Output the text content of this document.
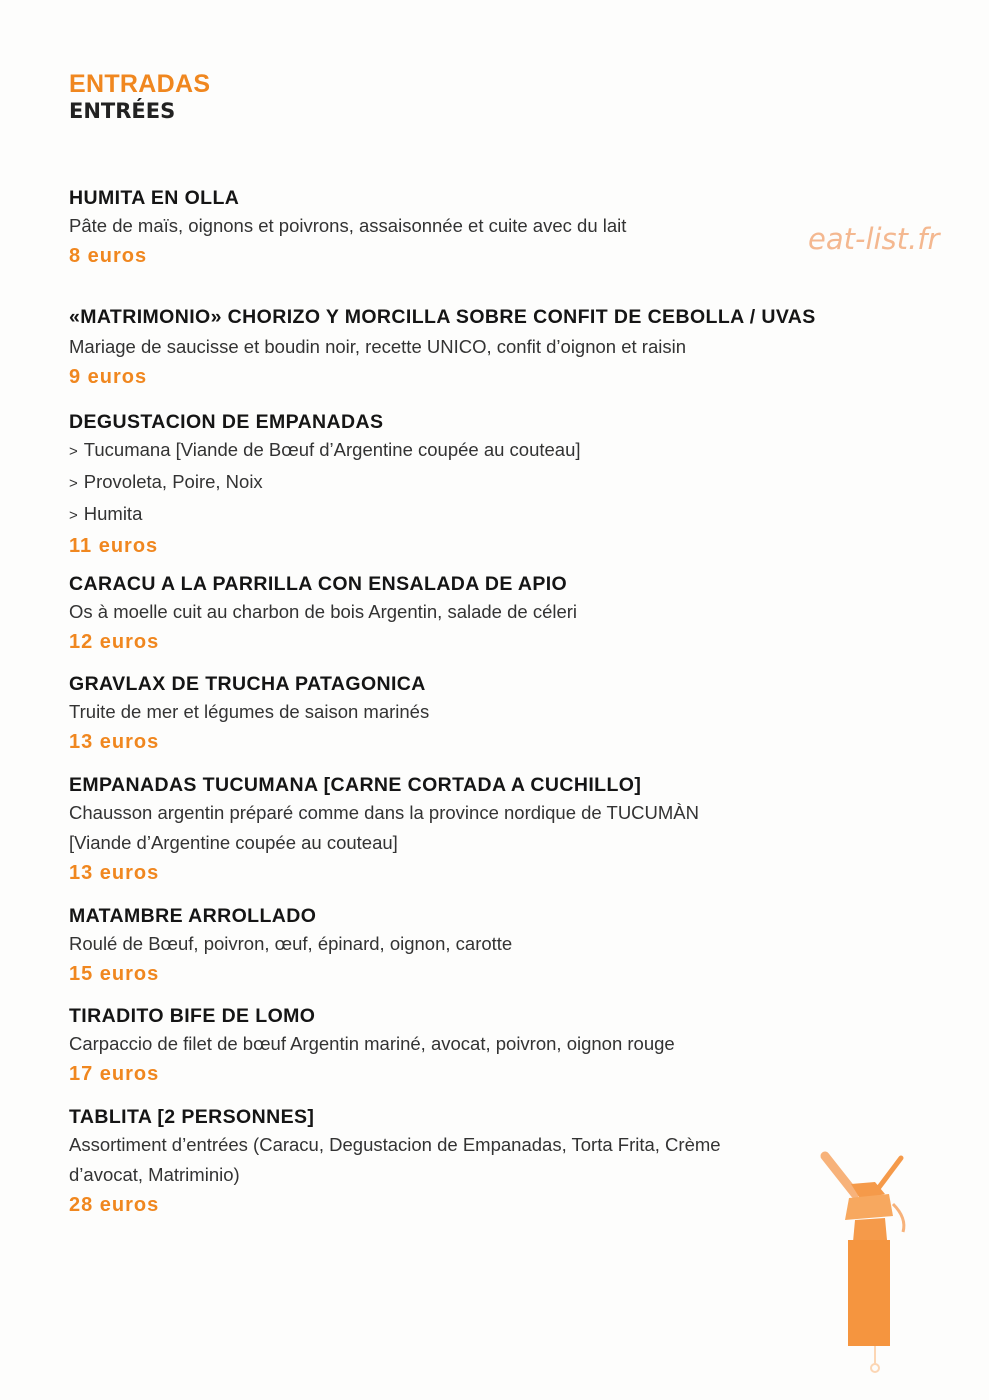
ENTRADAS
ENTRÉES
eat-list.fr
HUMITA EN OLLA
Pâte de maïs, oignons et poivrons, assaisonnée et cuite avec du lait
8 euros
«MATRIMONIO» CHORIZO Y MORCILLA SOBRE CONFIT DE CEBOLLA / UVAS
Mariage de saucisse et boudin noir, recette UNICO, confit d’oignon et raisin
9 euros
DEGUSTACION DE EMPANADAS
> Tucumana [Viande de Bœuf d’Argentine coupée au couteau]
> Provoleta, Poire, Noix
> Humita
11 euros
CARACU A LA PARRILLA CON ENSALADA DE APIO
Os à moelle cuit au charbon de bois Argentin, salade de céleri
12 euros
GRAVLAX DE TRUCHA PATAGONICA
Truite de mer et légumes de saison marinés
13 euros
EMPANADAS TUCUMANA [CARNE CORTADA A CUCHILLO]
Chausson argentin préparé comme dans la province nordique de TUCUMÀN
[Viande d’Argentine coupée au couteau]
13 euros
MATAMBRE ARROLLADO
Roulé de Bœuf, poivron, œuf, épinard, oignon, carotte
15 euros
TIRADITO BIFE DE LOMO
Carpaccio de filet de bœuf Argentin mariné, avocat, poivron, oignon rouge
17 euros
TABLITA [2 PERSONNES]
Assortiment d’entrées (Caracu, Degustacion de Empanadas, Torta Frita, Crème
d’avocat, Matriminio)
28 euros
